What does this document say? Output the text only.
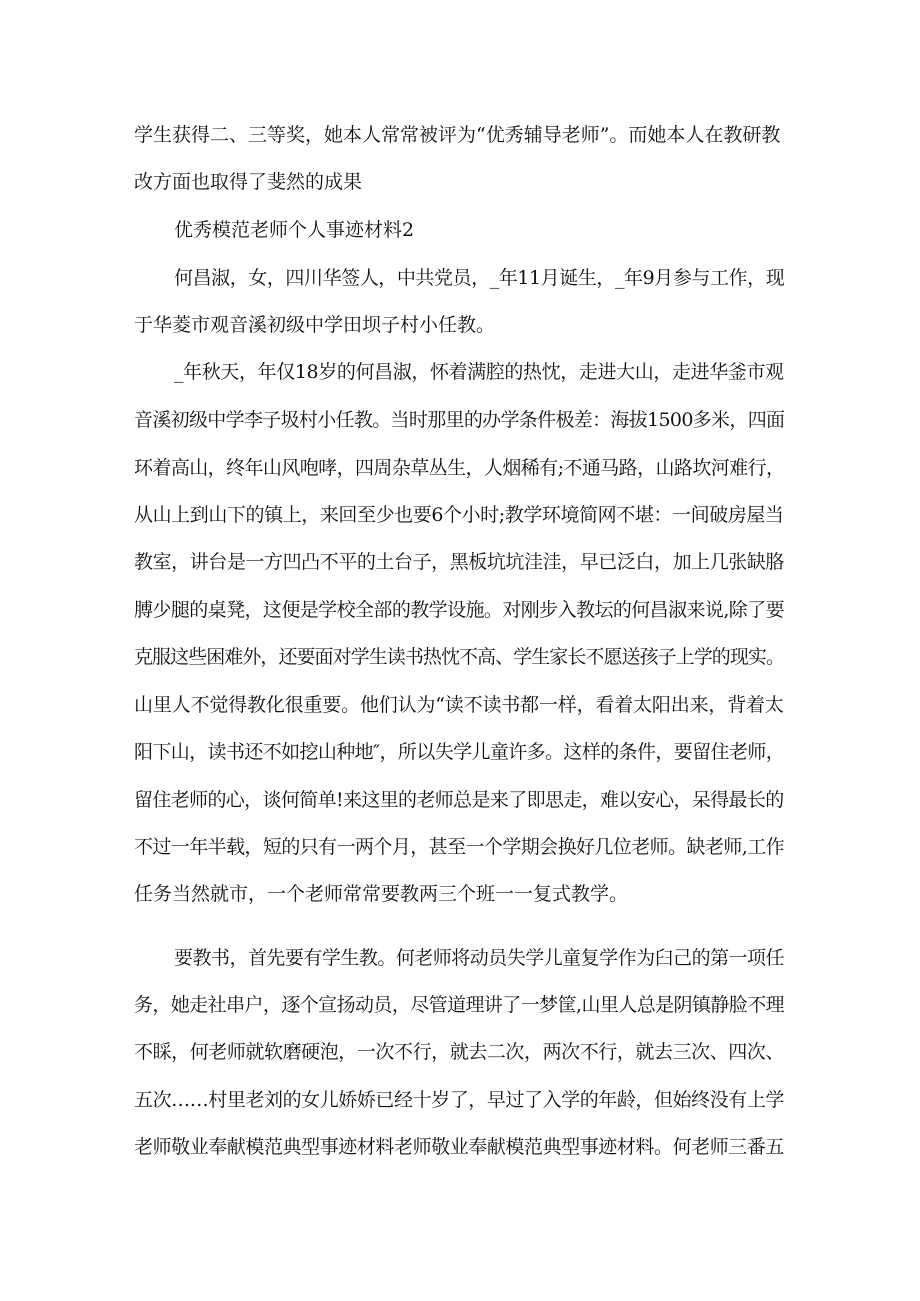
学生获得二、三等奖，她本人常常被评为“优秀辅导老师”。而她本人在教研教
改方面也取得了斐然的成果
优秀模范老师个人事迹材料2
何昌淑，女，四川华签人，中共党员，_年11月诞生，_年9月参与工作，现
于华菱市观音溪初级中学田坝子村小任教。
_年秋天，年仅18岁的何昌淑，怀着满腔的热忱，走进大山，走进华釜市观
音溪初级中学李子圾村小任教。当时那里的办学条件极差：海拔1500多米，四面
环着高山，终年山风咆哮，四周杂草丛生，人烟稀有;不通马路，山路坎河难行，
从山上到山下的镇上，来回至少也要6个小时;教学环境简网不堪：一间破房屋当
教室，讲台是一方凹凸不平的土台子，黑板坑坑洼洼，早已泛白，加上几张缺胳
膊少腿的桌凳，这便是学校全部的教学设施。对刚步入教坛的何昌淑来说,除了要
克服这些困难外，还要面对学生读书热忱不高、学生家长不愿送孩子上学的现实。
山里人不觉得教化很重要。他们认为“读不读书都一样，看着太阳出来，背着太
阳下山，读书还不如挖山种地″，所以失学儿童许多。这样的条件，要留住老师，
留住老师的心，谈何简单!来这里的老师总是来了即思走，难以安心，呆得最长的
不过一年半载，短的只有一两个月，甚至一个学期会换好几位老师。缺老师,工作
任务当然就市，一个老师常常要教两三个班一一复式教学。
要教书，首先要有学生教。何老师将动员失学儿童复学作为臼己的第一项任
务，她走社串户，逐个宣扬动员，尽管道理讲了一梦筐,山里人总是阴镇静脸不理
不睬，何老师就软磨硬泡，一次不行，就去二次，两次不行，就去三次、四次、
五次……村里老刘的女儿娇娇已经十岁了，早过了入学的年龄，但始终没有上学
老师敬业奉献模范典型事迹材料老师敬业奉献模范典型事迹材料。何老师三番五
